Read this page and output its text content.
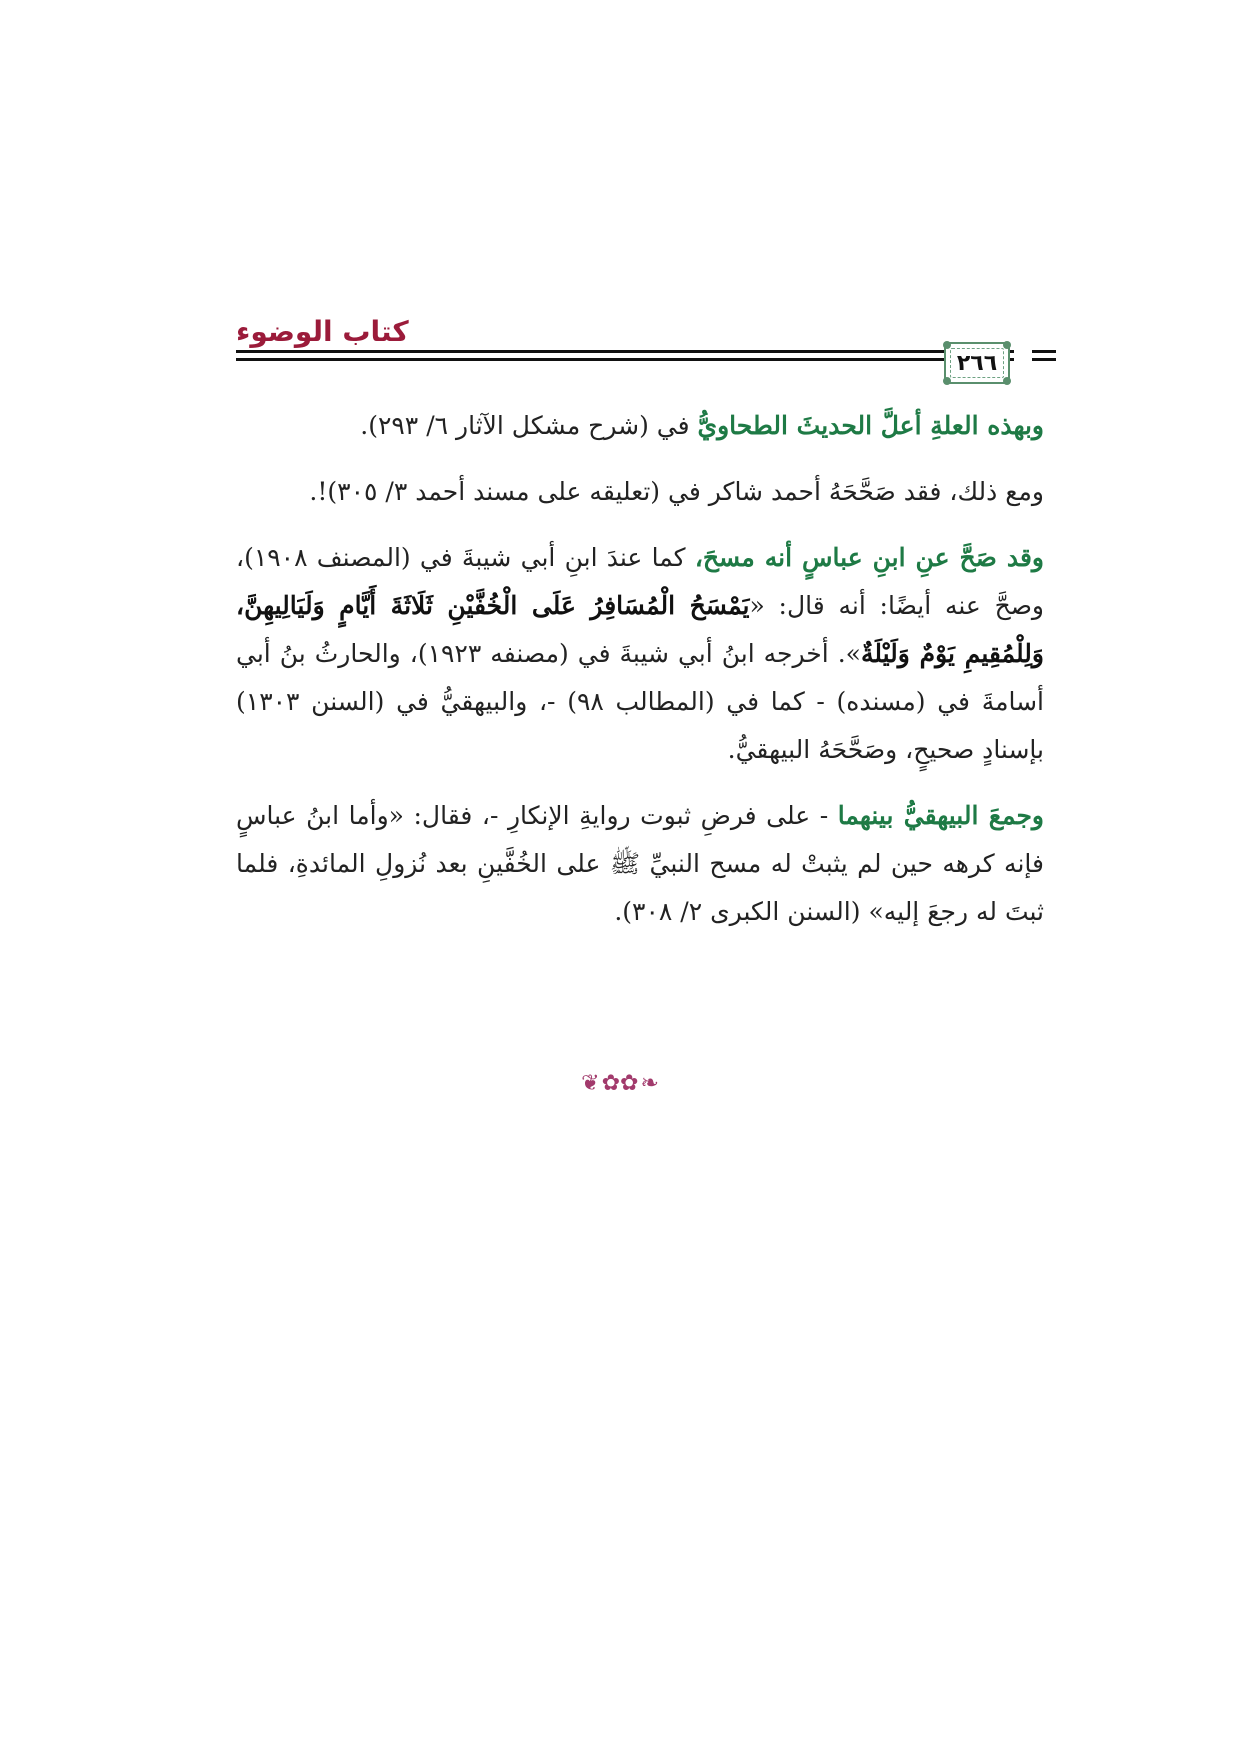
كتاب الوضوء
٢٦٦

وبهذه العلةِ أعلَّ الحديثَ الطحاويُّ في (شرح مشكل الآثار ٦/ ٢٩٣).

ومع ذلك، فقد صَحَّحَهُ أحمد شاكر في (تعليقه على مسند أحمد ٣/ ٣٠٥)!.

وقد صَحَّ عنِ ابنِ عباسٍ أنه مسحَ، كما عندَ ابنِ أبي شيبةَ في (المصنف ١٩٠٨)، وصحَّ عنه أيضًا: أنه قال: «يَمْسَحُ الْمُسَافِرُ عَلَى الْخُفَّيْنِ ثَلَاثَةَ أَيَّامٍ وَلَيَالِيهِنَّ، وَلِلْمُقِيمِ يَوْمٌ وَلَيْلَةٌ». أخرجه ابنُ أبي شيبةَ في (مصنفه ١٩٢٣)، والحارثُ بنُ أبي أسامةَ في (مسنده) - كما في (المطالب ٩٨) -، والبيهقيُّ في (السنن ١٣٠٣) بإسنادٍ صحيحٍ، وصَحَّحَهُ البيهقيُّ.

وجمعَ البيهقيُّ بينهما - على فرضِ ثبوت روايةِ الإنكارِ -، فقال: «وأما ابنُ عباسٍ فإنه كرهه حين لم يثبتْ له مسح النبيِّ ﷺ على الخُفَّينِ بعد نُزولِ المائدةِ، فلما ثبتَ له رجعَ إليه» (السنن الكبرى ٢/ ٣٠٨).

❦ ✿✿ ❧
